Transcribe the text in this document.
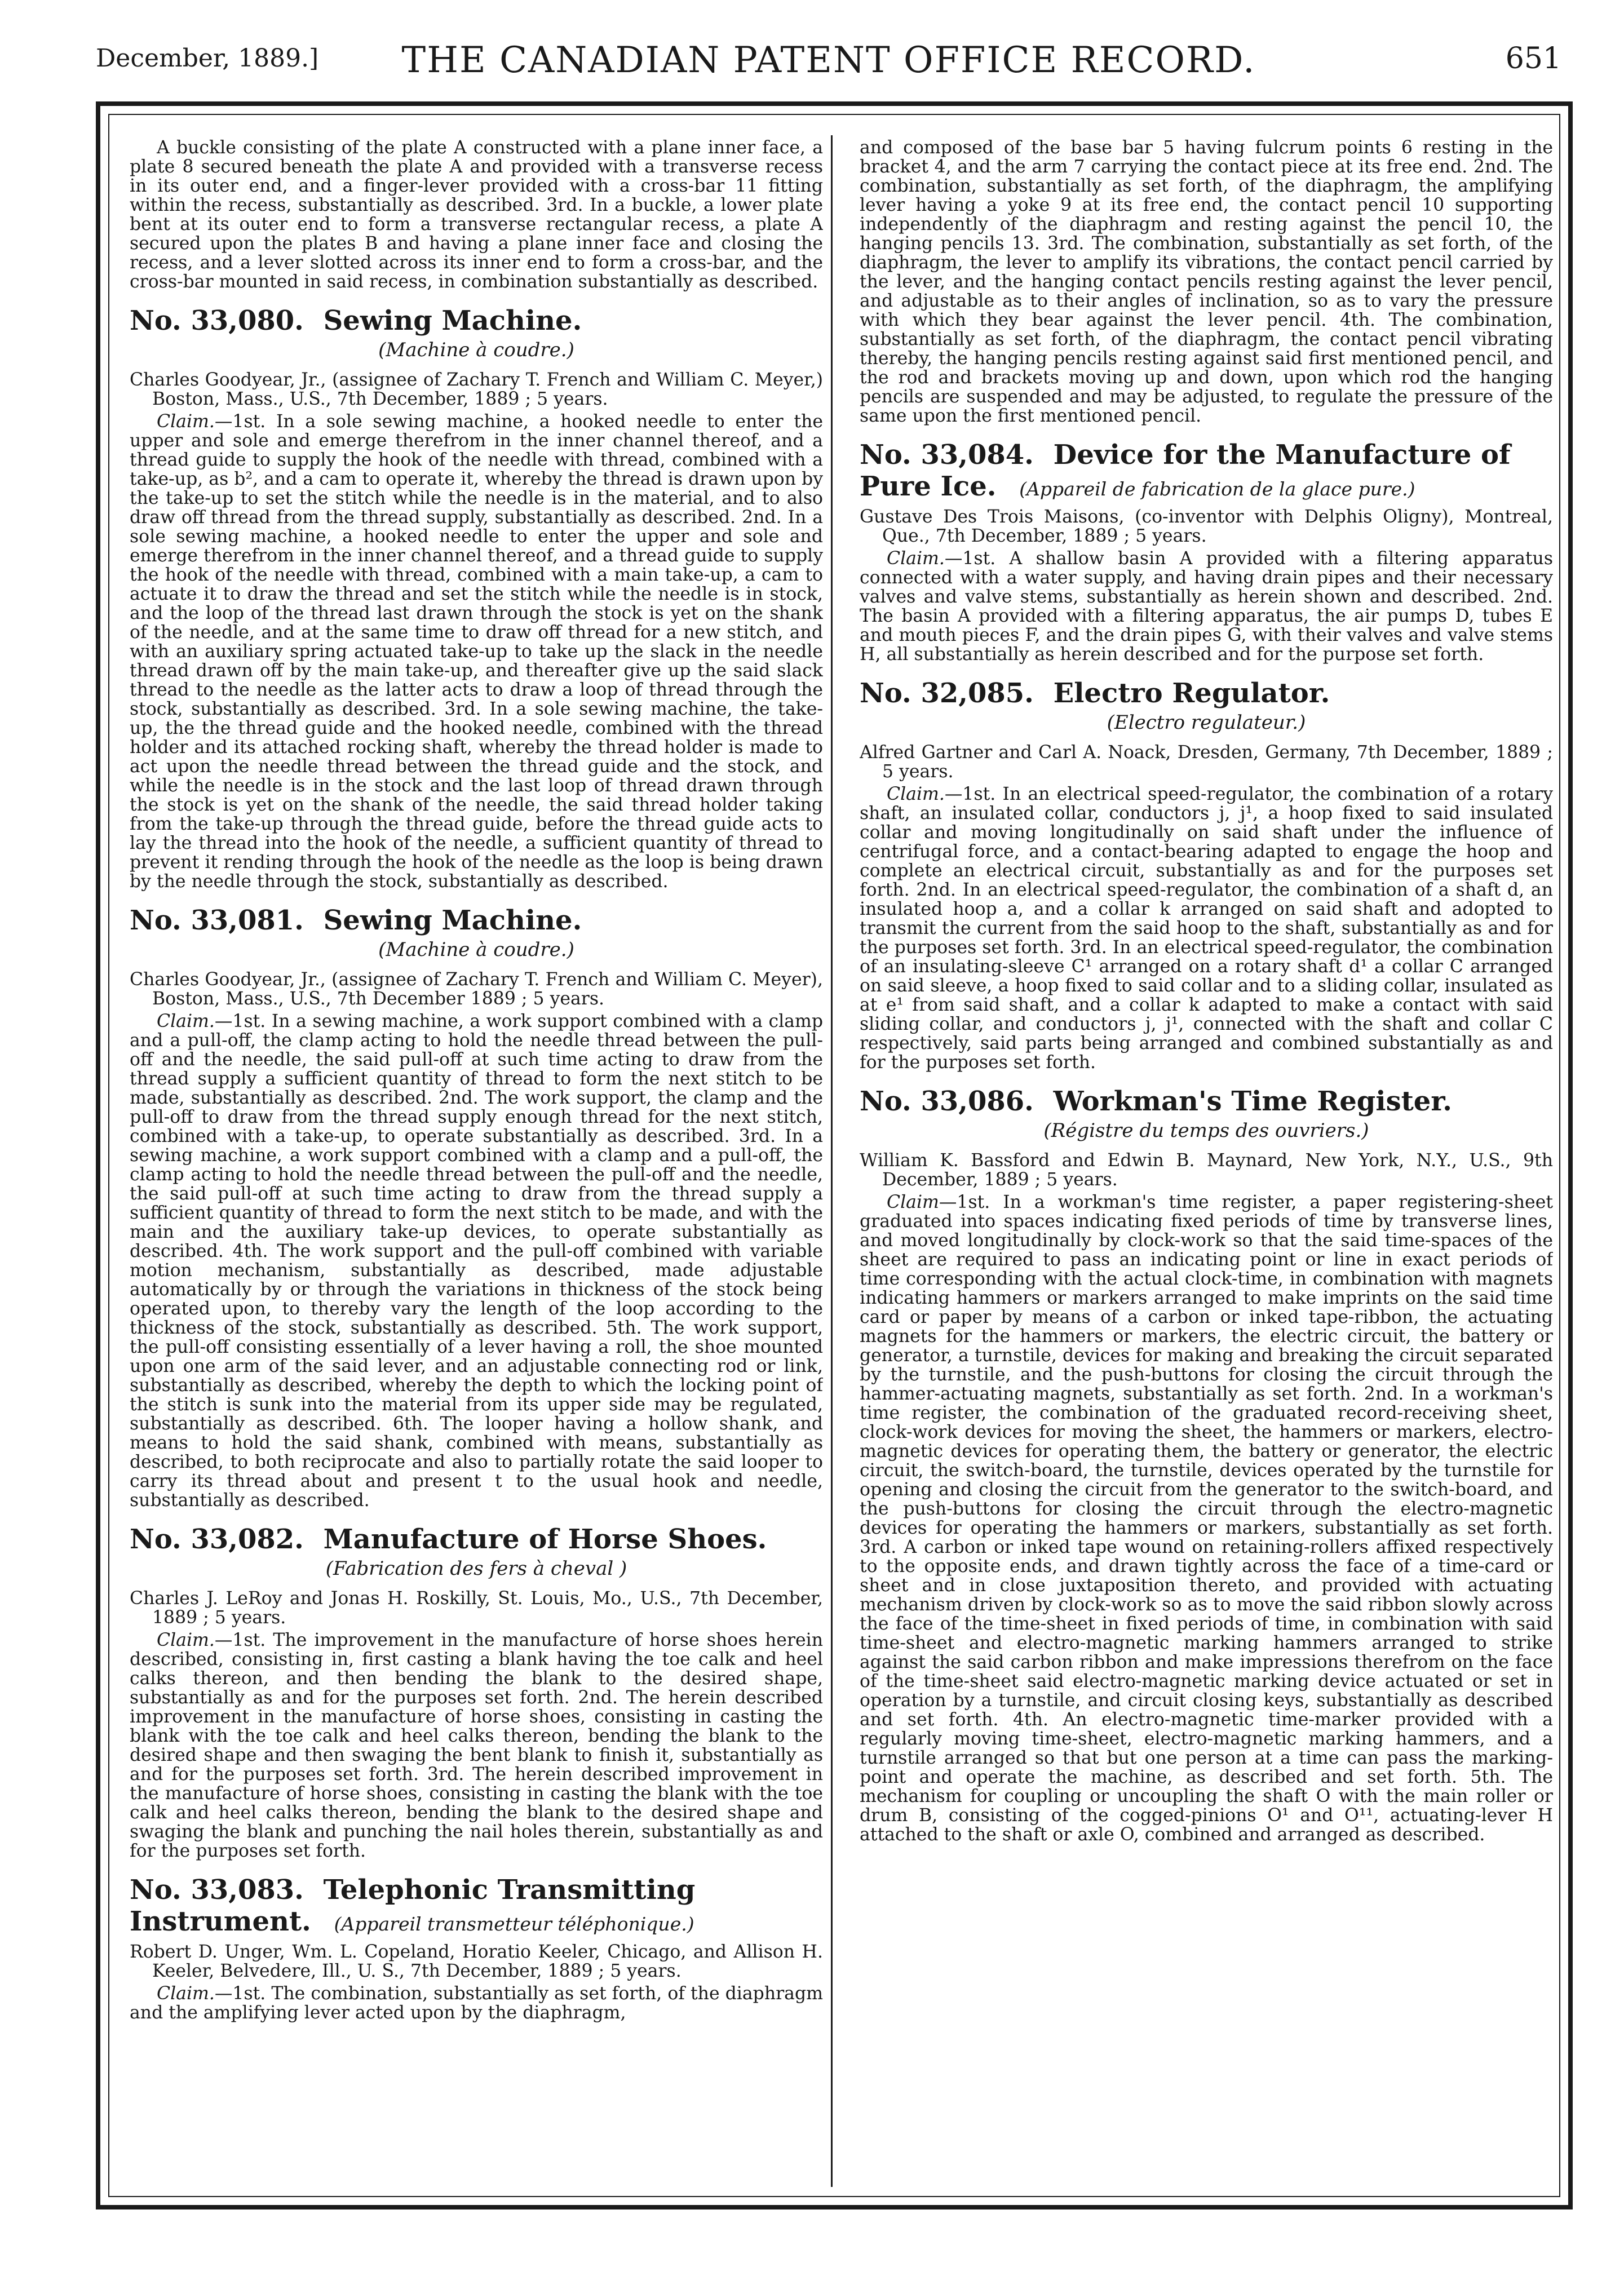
December, 1889.]	THE CANADIAN PATENT OFFICE RECORD.	651

A buckle consisting of the plate A constructed with a plane inner face, a plate 8 secured beneath the plate A and provided with a transverse recess in its outer end, and a finger-lever provided with a cross-bar 11 fitting within the recess, substantially as described. 3rd. In a buckle, a lower plate bent at its outer end to form a transverse rectangular recess, a plate A secured upon the plates B and having a plane inner face and closing the recess, and a lever slotted across its inner end to form a cross-bar, and the cross-bar mounted in said recess, in combination substantially as described.

No. 33,080. Sewing Machine.
(Machine à coudre.)

Charles Goodyear, Jr., (assignee of Zachary T. French and William C. Meyer,) Boston, Mass., U.S., 7th December, 1889 ; 5 years.

Claim.—1st. In a sole sewing machine, a hooked needle to enter the upper and sole and emerge therefrom in the inner channel thereof, and a thread guide to supply the hook of the needle with thread, combined with a take-up, as b², and a cam to operate it, whereby the thread is drawn upon by the take-up to set the stitch while the needle is in the material, and to also draw off thread from the thread supply, substantially as described. 2nd. In a sole sewing machine, a hooked needle to enter the upper and sole and emerge therefrom in the inner channel thereof, and a thread guide to supply the hook of the needle with thread, combined with a main take-up, a cam to actuate it to draw the thread and set the stitch while the needle is in stock, and the loop of the thread last drawn through the stock is yet on the shank of the needle, and at the same time to draw off thread for a new stitch, and with an auxiliary spring actuated take-up to take up the slack in the needle thread drawn off by the main take-up, and thereafter give up the said slack thread to the needle as the latter acts to draw a loop of thread through the stock, substantially as described. 3rd. In a sole sewing machine, the take-up, the the thread guide and the hooked needle, combined with the thread holder and its attached rocking shaft, whereby the thread holder is made to act upon the needle thread between the thread guide and the stock, and while the needle is in the stock and the last loop of thread drawn through the stock is yet on the shank of the needle, the said thread holder taking from the take-up through the thread guide, before the thread guide acts to lay the thread into the hook of the needle, a sufficient quantity of thread to prevent it rending through the hook of the needle as the loop is being drawn by the needle through the stock, substantially as described.

No. 33,081. Sewing Machine.
(Machine à coudre.)

Charles Goodyear, Jr., (assignee of Zachary T. French and William C. Meyer), Boston, Mass., U.S., 7th December 1889 ; 5 years.

Claim.—1st. In a sewing machine, a work support combined with a clamp and a pull-off, the clamp acting to hold the needle thread between the pull-off and the needle, the said pull-off at such time acting to draw from the thread supply a sufficient quantity of thread to form the next stitch to be made, substantially as described. 2nd. The work support, the clamp and the pull-off to draw from the thread supply enough thread for the next stitch, combined with a take-up, to operate substantially as described. 3rd. In a sewing machine, a work support combined with a clamp and a pull-off, the clamp acting to hold the needle thread between the pull-off and the needle, the said pull-off at such time acting to draw from the thread supply a sufficient quantity of thread to form the next stitch to be made, and with the main and the auxiliary take-up devices, to operate substantially as described. 4th. The work support and the pull-off combined with variable motion mechanism, substantially as described, made adjustable automatically by or through the variations in thickness of the stock being operated upon, to thereby vary the length of the loop according to the thickness of the stock, substantially as described. 5th. The work support, the pull-off consisting essentially of a lever having a roll, the shoe mounted upon one arm of the said lever, and an adjustable connecting rod or link, substantially as described, whereby the depth to which the locking point of the stitch is sunk into the material from its upper side may be regulated, substantially as described. 6th. The looper having a hollow shank, and means to hold the said shank, combined with means, substantially as described, to both reciprocate and also to partially rotate the said looper to carry its thread about and present t to the usual hook and needle, substantially as described.

No. 33,082. Manufacture of Horse Shoes.
(Fabrication des fers à cheval )

Charles J. LeRoy and Jonas H. Roskilly, St. Louis, Mo., U.S., 7th December, 1889 ; 5 years.

Claim.—1st. The improvement in the manufacture of horse shoes herein described, consisting in, first casting a blank having the toe calk and heel calks thereon, and then bending the blank to the desired shape, substantially as and for the purposes set forth. 2nd. The herein described improvement in the manufacture of horse shoes, consisting in casting the blank with the toe calk and heel calks thereon, bending the blank to the desired shape and then swaging the bent blank to finish it, substantially as and for the purposes set forth. 3rd. The herein described improvement in the manufacture of horse shoes, consisting in casting the blank with the toe calk and heel calks thereon, bending the blank to the desired shape and swaging the blank and punching the nail holes therein, substantially as and for the purposes set forth.

No. 33,083. Telephonic Transmitting Instrument. (Appareil transmetteur téléphonique.)

Robert D. Unger, Wm. L. Copeland, Horatio Keeler, Chicago, and Allison H. Keeler, Belvedere, Ill., U. S., 7th December, 1889 ; 5 years.

Claim.—1st. The combination, substantially as set forth, of the diaphragm and the amplifying lever acted upon by the diaphragm,

and composed of the base bar 5 having fulcrum points 6 resting in the bracket 4, and the arm 7 carrying the contact piece at its free end. 2nd. The combination, substantially as set forth, of the diaphragm, the amplifying lever having a yoke 9 at its free end, the contact pencil 10 supporting independently of the diaphragm and resting against the pencil 10, the hanging pencils 13. 3rd. The combination, substantially as set forth, of the diaphragm, the lever to amplify its vibrations, the contact pencil carried by the lever, and the hanging contact pencils resting against the lever pencil, and adjustable as to their angles of inclination, so as to vary the pressure with which they bear against the lever pencil. 4th. The combination, substantially as set forth, of the diaphragm, the contact pencil vibrating thereby, the hanging pencils resting against said first mentioned pencil, and the rod and brackets moving up and down, upon which rod the hanging pencils are suspended and may be adjusted, to regulate the pressure of the same upon the first mentioned pencil.

No. 33,084. Device for the Manufacture of Pure Ice. (Appareil de fabrication de la glace pure.)

Gustave Des Trois Maisons, (co-inventor with Delphis Oligny), Montreal, Que., 7th December, 1889 ; 5 years.

Claim.—1st. A shallow basin A provided with a filtering apparatus connected with a water supply, and having drain pipes and their necessary valves and valve stems, substantially as herein shown and described. 2nd. The basin A provided with a filtering apparatus, the air pumps D, tubes E and mouth pieces F, and the drain pipes G, with their valves and valve stems H, all substantially as herein described and for the purpose set forth.

No. 32,085. Electro Regulator.
(Electro regulateur.)

Alfred Gartner and Carl A. Noack, Dresden, Germany, 7th December, 1889 ; 5 years.

Claim.—1st. In an electrical speed-regulator, the combination of a rotary shaft, an insulated collar, conductors j, j¹, a hoop fixed to said insulated collar and moving longitudinally on said shaft under the influence of centrifugal force, and a contact-bearing adapted to engage the hoop and complete an electrical circuit, substantially as and for the purposes set forth. 2nd. In an electrical speed-regulator, the combination of a shaft d, an insulated hoop a, and a collar k arranged on said shaft and adopted to transmit the current from the said hoop to the shaft, substantially as and for the purposes set forth. 3rd. In an electrical speed-regulator, the combination of an insulating-sleeve C¹ arranged on a rotary shaft d¹ a collar C arranged on said sleeve, a hoop fixed to said collar and to a sliding collar, insulated as at e¹ from said shaft, and a collar k adapted to make a contact with said sliding collar, and conductors j, j¹, connected with the shaft and collar C respectively, said parts being arranged and combined substantially as and for the purposes set forth.

No. 33,086. Workman's Time Register.
(Régistre du temps des ouvriers.)

William K. Bassford and Edwin B. Maynard, New York, N.Y., U.S., 9th December, 1889 ; 5 years.

Claim—1st. In a workman's time register, a paper registering-sheet graduated into spaces indicating fixed periods of time by transverse lines, and moved longitudinally by clock-work so that the said time-spaces of the sheet are required to pass an indicating point or line in exact periods of time corresponding with the actual clock-time, in combination with magnets indicating hammers or markers arranged to make imprints on the said time card or paper by means of a carbon or inked tape-ribbon, the actuating magnets for the hammers or markers, the electric circuit, the battery or generator, a turnstile, devices for making and breaking the circuit separated by the turnstile, and the push-buttons for closing the circuit through the hammer-actuating magnets, substantially as set forth. 2nd. In a workman's time register, the combination of the graduated record-receiving sheet, clock-work devices for moving the sheet, the hammers or markers, electro-magnetic devices for operating them, the battery or generator, the electric circuit, the switch-board, the turnstile, devices operated by the turnstile for opening and closing the circuit from the generator to the switch-board, and the push-buttons for closing the circuit through the electro-magnetic devices for operating the hammers or markers, substantially as set forth. 3rd. A carbon or inked tape wound on retaining-rollers affixed respectively to the opposite ends, and drawn tightly across the face of a time-card or sheet and in close juxtaposition thereto, and provided with actuating mechanism driven by clock-work so as to move the said ribbon slowly across the face of the time-sheet in fixed periods of time, in combination with said time-sheet and electro-magnetic marking hammers arranged to strike against the said carbon ribbon and make impressions therefrom on the face of the time-sheet said electro-magnetic marking device actuated or set in operation by a turnstile, and circuit closing keys, substantially as described and set forth. 4th. An electro-magnetic time-marker provided with a regularly moving time-sheet, electro-magnetic marking hammers, and a turnstile arranged so that but one person at a time can pass the marking-point and operate the machine, as described and set forth. 5th. The mechanism for coupling or uncoupling the shaft O with the main roller or drum B, consisting of the cogged-pinions O¹ and O¹¹, actuating-lever H attached to the shaft or axle O, combined and arranged as described.
